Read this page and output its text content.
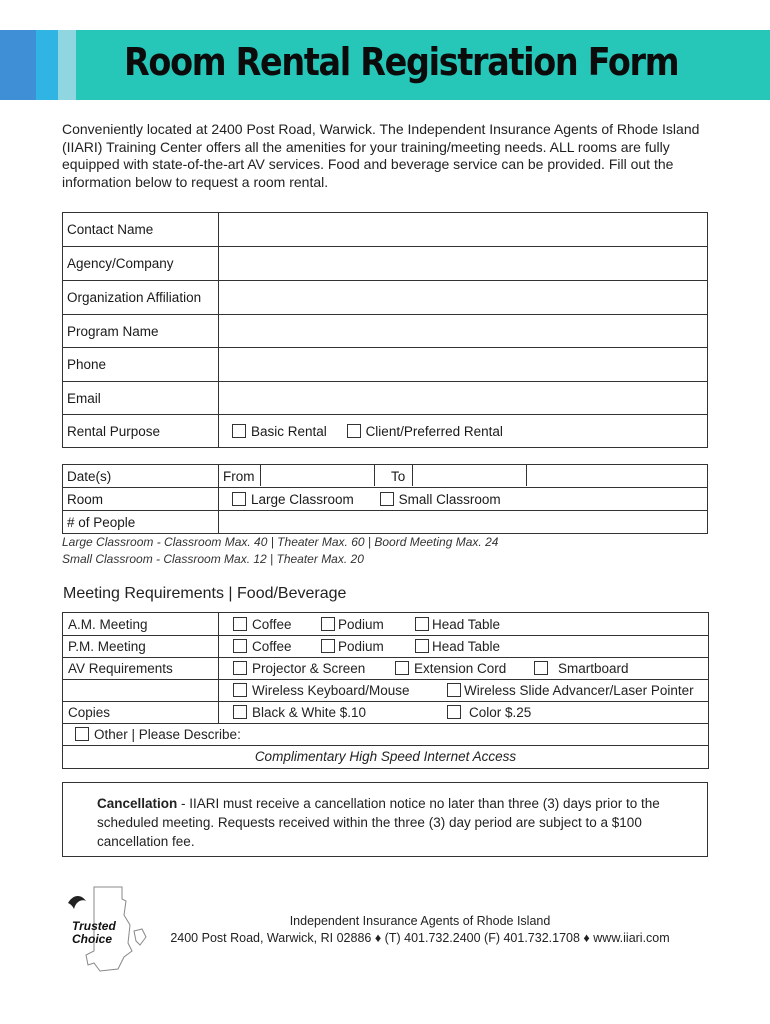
Room Rental Registration Form
Conveniently located at 2400 Post Road, Warwick. The Independent Insurance Agents of Rhode Island (IIARI) Training Center offers all the amenities for your training/meeting needs. ALL rooms are fully equipped with state-of-the-art AV services. Food and beverage service can be provided. Fill out the information below to request a room rental.
Contact Name	
Agency/Company	
Organization Affiliation	
Program Name	
Phone	
Email	
Rental Purpose	Basic Rental Client/Preferred Rental
Date(s)	From To

Room	Large Classroom Small Classroom
# of People	
Large Classroom - Classroom Max. 40 | Theater Max. 60 | Boord Meeting Max. 24
Small Classroom - Classroom Max. 12 | Theater Max. 20
Meeting Requirements | Food/Beverage
A.M. Meeting	Coffee	Podium	Head Table
P.M. Meeting	Coffee	Podium	Head Table
AV Requirements	Projector & Screen	Extension Cord	Smartboard
Wireless Keyboard/Mouse	Wireless Slide Advancer/Laser Pointer
Copies	Black & White $.10	Color $.25
Other | Please Describe:
Complimentary High Speed Internet Access
Cancellation - IIARI must receive a cancellation notice no later than three (3) days prior to the scheduled meeting. Requests received within the three (3) day period are subject to a $100 cancellation fee.
Trusted
Choice
Independent Insurance Agents of Rhode Island
2400 Post Road, Warwick, RI 02886 ♦ (T) 401.732.2400 (F) 401.732.1708 ♦ www.iiari.com
